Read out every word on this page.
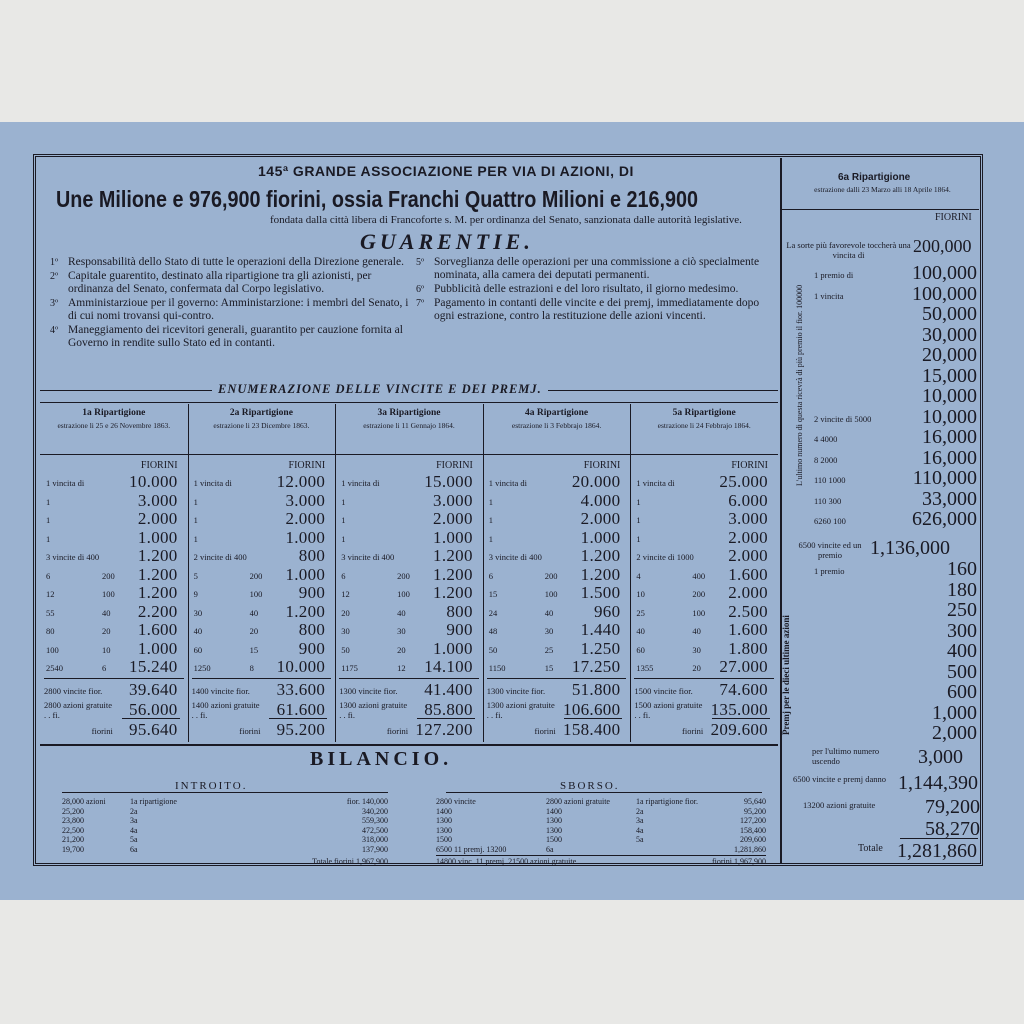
145ª GRANDE ASSOCIAZIONE PER VIA DI AZIONI, DI
Une Milione e 976,900 fiorini, ossia Franchi Quattro Milioni e 216,900
fondata dalla città libera di Francoforte s. M. per ordinanza del Senato, sanzionata dalle autorità legislative.
GUARENTIE.
1º Responsabilità dello Stato di tutte le operazioni della Direzione generale.
2º Capitale guarentito, destinato alla ripartigione tra gli azionisti, per ordinanza del Senato, confermata dal Corpo legislativo.
3º Amministarzioue per il governo: Amministarzione: i membri del Senato, i di cui nomi trovansi qui-contro.
4º Maneggiamento dei ricevitori generali, guarantito per cauzione fornita al Governo in rendite sullo Stato ed in contanti.
5º Sorveglianza delle operazioni per una commissione a ciò specialmente nominata, alla camera dei deputati permanenti.
6º Pubblicità delle estrazioni e del loro risultato, il giorno medesimo.
7º Pagamento in contanti delle vincite e dei premj, immediatamente dopo ogni estrazione, contro la restituzione delle azioni vincenti.
ENUMERAZIONE DELLE VINCITE E DEI PREMJ.
1a Ripartigione
estrazione li 25 e 26 Novembre 1863.
FIORINI
1 vincita di	10.000
1	3.000
1	2.000
1	1.000
3 vincite di 400 1.200
6	200 1.200
12	100 1.200
55	40 2.200
80	20 1.600
100	10 1.000
2540	6 15.240
2800 vincite fior. 39.640
2800 azioni gratuite . . fi.	56.000
fiorini 95.640
2a Ripartigione
estrazione li 23 Dicembre 1863.
FIORINI
1 vincita di	12.000
1	3.000
1	2.000
1	1.000
2 vincite di 400	800
5	200 1.000
9	100 900
30	40 1.200
40	20 800
60	15 900
1250	8 10.000
1400 vincite fior. 33.600
1400 azioni gratuite . . fi.	61.600
fiorini 95.200
3a Ripartigione
estrazione li 11 Gennajo 1864.
FIORINI
1 vincita di	15.000
1	3.000
1	2.000
1	1.000
3 vincite di 400 1.200
6	200 1.200
12	100 1.200
20	40 800
30	30 900
50	20 1.000
1175	12 14.100
1300 vincite fior. 41.400
1300 azioni gratuite . . fi.	85.800
fiorini 127.200
4a Ripartigione
estrazione li 3 Febbrajo 1864.
FIORINI
1 vincita di	20.000
1	4.000
1	2.000
1	1.000
3 vincite di 400 1.200
6	200 1.200
15	100 1.500
24	40 960
48	30 1.440
50	25 1.250
1150	15 17.250
1300 vincite fior. 51.800
1300 azioni gratuite . . fi.	106.600
fiorini 158.400
5a Ripartigione
estrazione li 24 Febbrajo 1864.
FIORINI
1 vincita di	25.000
1	6.000
1	3.000
1	2.000
2 vincite di 1000 2.000
4	400 1.600
10	200 2.000
25	100 2.500
40	40 1.600
60	30 1.800
1355	20 27.000
1500 vincite fior. 74.600
1500 azioni gratuite . . fi.	135.000
fiorini 209.600
6a Ripartigione
estrazione dalli 23 Marzo alli 18 Aprile 1864.
FIORINI
La sorte più favorevole toccherà una vincita di	200,000
1 premio di	100,000
1 vincita	100,000
50,000
30,000
20,000
15,000
10,000
2 vincite di 5000	10,000
4 4000	16,000
8 2000	16,000
110 1000	110,000
110 300	33,000
6260 100	626,000
L'ultimo numero di questa ricevrà di più premio il fior. 100000
6500 vincite ed un premio	1,136,000
1 premio	160
180
250
300
400
500
600
1,000
2,000
Premj per le dieci ultime azioni
per l'ultimo numero uscendo	3,000
6500 vincite e premj danno 1,144,390
13200 azioni gratuite 79,200
58,270
Totale 1,281,860
BILANCIO.
INTROITO.	SBORSO.
28,000 azioni	1a ripartigione	fior. 140,000
25,200	2a	340,200
23,800	3a	559,300
22,500	4a	472,500
21,200	5a	318,000
19,700	6a	137,900
Totale fiorini 1,967,900
2800 vincite	2800 azioni gratuite	1a ripartigione fior.	95,640
1400	1400	2a	95,200
1300	1300	3a	127,200
1300	1300	4a	158,400
1500	1500	5a	209,600
6500 11 premj. 13200	6a	1,281,860
14800 vinc. 11 premj. 21500 azioni gratuite	fiorini 1,967,900
